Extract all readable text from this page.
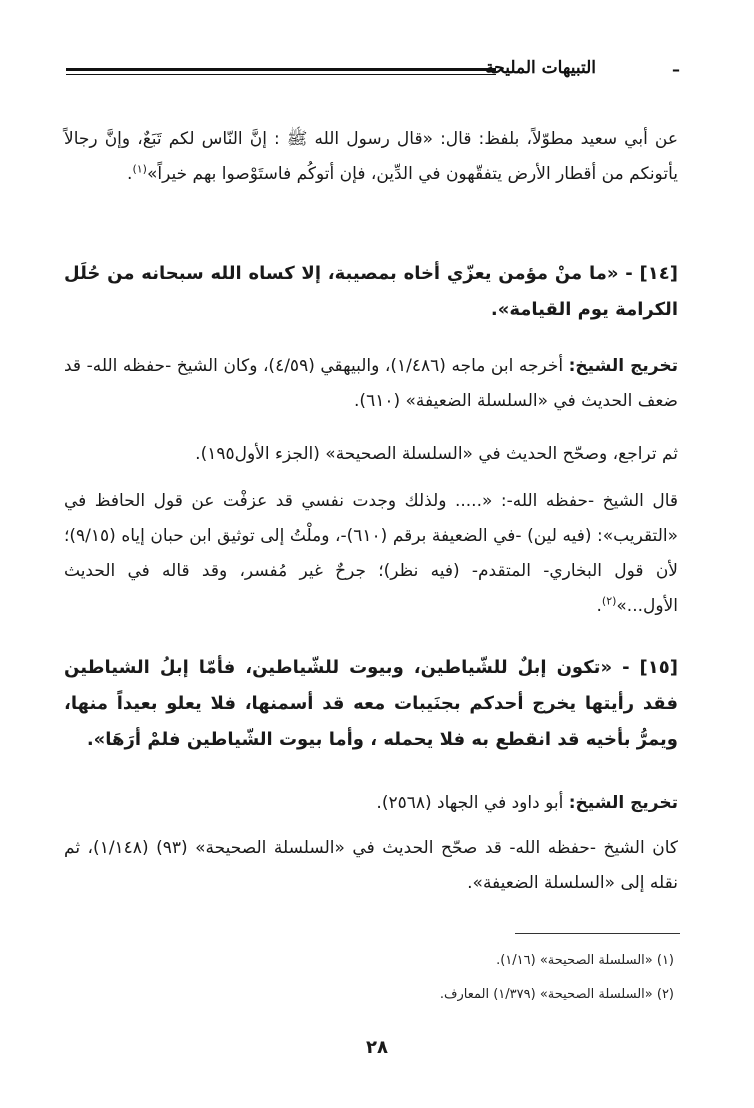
–
التبيهات المليحة
عن أبي سعيد مطوّلاً، بلفظ: قال: «قال رسول الله ﷺ : إنَّ النّاس لكم تَبَعٌ، وإنَّ رجالاً يأتونكم من أقطار الأرض يتفقّهون في الدِّين، فإن أتوكُم فاستَوْصوا بهم خيراً»$^{(١)}$.
[١٤] - «ما منْ مؤمن يعزّي أخاه بمصيبة، إلا كساه الله سبحانه من حُلَل الكرامة يوم القيامة».
تخريج الشيخ: أخرجه ابن ماجه (١/٤٨٦)، والبيهقي (٤/٥٩)، وكان الشيخ -حفظه الله- قد ضعف الحديث في «السلسلة الضعيفة» (٦١٠).
ثم تراجع، وصحّح الحديث في «السلسلة الصحيحة» (الجزء الأول١٩٥).
قال الشيخ -حفظه الله-: «..... ولذلك وجدت نفسي قد عزفْت عن قول الحافظ في «التقريب»: (فيه لين) -في الضعيفة برقم (٦١٠)-، وملْتُ إلى توثيق ابن حبان إياه (٩/١٥)؛ لأن قول البخاري- المتقدم- (فيه نظر)؛ جرحٌ غير مُفسر، وقد قاله في الحديث الأول...»$^{(٢)}$.
[١٥] - «تكون إبلٌ للشّياطين، وبيوت للشّياطين، فأمّا إبلُ الشياطين فقد رأيتها يخرج أحدكم بجنَيبات معه قد أسمنها، فلا يعلو بعيداً منها، ويمرُّ بأخيه قد انقطع به فلا يحمله ، وأما بيوت الشّياطين فلمْ أرَهَا».
تخريج الشيخ: أبو داود في الجهاد (٢٥٦٨).
كان الشيخ -حفظه الله- قد صحّح الحديث في «السلسلة الصحيحة» (٩٣) (١/١٤٨)، ثم نقله إلى «السلسلة الضعيفة».
(١) «السلسلة الصحيحة» (١/١٦).
(٢) «السلسلة الصحيحة» (١/٣٧٩) المعارف.
٢٨
